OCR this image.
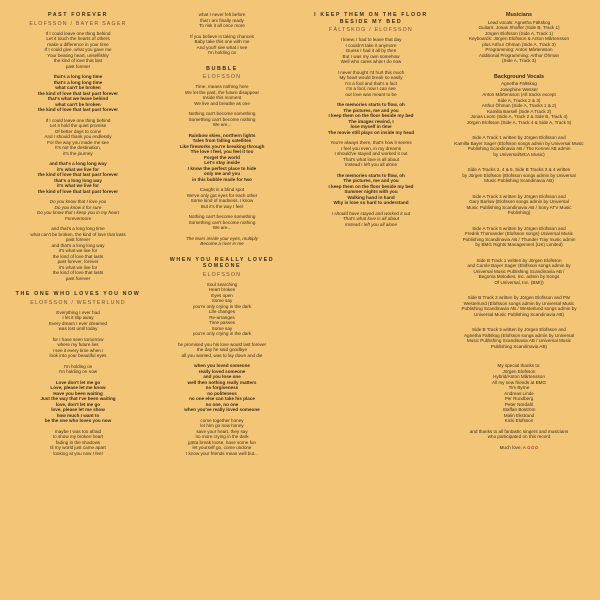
PAST FOREVER
ELOFSSON / BAYER SAGER
If I could leave one thing behind
Let it touch the hearts of others
make a difference in your time
If I could give, what you gave me
Your beating heart, unselfishly
the kind of love that last
past forever
that's a long long time
that's a long long time
what can't be broken
the kind of love that last past forever
that's what we leave behind
what can't be broken
the kind of love that last past forever
If I could leave one thing behind
Let it hold the quiet promise
Of better days to come
And I should thank you endlessly
For the way you made me see
It's not the destination,
it's the journey
and that's a long long way
it's what we live for
the kind of love that last past forever
that's a long long way
it's what we live for
the kind of love that last past forever
Do you know that I love you
Do you know it for sure
Do you know that I keep you in my heart
Forevermore
and that's a long long time
what can't be broken, the kind of love that lasts
past forever
and that's a long long way
it's what we live for
the kind of love that lasts
past forever, forever
it's what we live for
the kind of love that lasts
past forever
THE ONE WHO LOVES YOU NOW
ELOFSSON / WESTERLUND
Everything I ever had
I let it slip away
Every dream I ever dreamed
was lost until today
for I have seen tomorrow
where my future lies
I see it every time when I
look into your beautiful eyes
I'm holding on
I'm holding on now
Love don't let me go
Love, please let me know
Have you been waiting
Just the way that I've been waiting
love, don't let me go
love, please let me show
how much I want to
be the one who loves you now
maybe I was too afraid
to show my broken heart
fading in the shadows
til my world just came apart
looking at you now I feel
what I never felt before
that I am finally ready
To risk it all once more
If you believe in taking chances
Baby take this one with me
And you'll see what I see
I'm holding on
BUBBLE
ELOFSSON
Time, means nothing here
We let the past, the future disappear
Inside this moment
We live and breathe as one
Nothing can't become something
Something can't become nothing
We are...
Rainbow skies, northern lights
Tales from falling satellites
Like fireworks you're breaking through
The love I feel, you feel it too
Forget the world
Let's stay inside
I know the perfect place to hide
only me and you
in this bubble made for two
Caught in a blind spot
We've only got eyes for each other
Some kind of madness, I know
But it's the way I feel
Nothing can't become something
Something can't become nothing
We are...
The tears inside your eyes, multiply
Become a river in me
WHEN YOU REALLY LOVED SOMEONE
ELOFSSON
Soul searching
Heart broken
Eyes open
Some say
you're only crying in the dark
Life changes
Re-arranges
Time passes
Some say
you're only crying in the dark
he promised you his love would last forever
the day he said goodbye
all you wanted, was to lay down and die
when you loved someone
really loved someone
and you lose one
well then nothing really matters
no forgiveness
no politeness
no one else can take his place
no one, no one
when you've really loved someone
come together honey
let him go now honey
save your heart, they say
no more crying in the dark
gotta break loose, have some fun
let yourself go, come undone
I know your friends mean well but...
I KEEP THEM ON THE FLOOR BESIDE MY BED
FÄLTSKOG / ELOFSSON
I knew, I had to leave that day
I couldn't take it anymore
Guess I had it all by then
But I was my own somehow
Well who cares what I do now
I never thought I'd hurt this much
My heart would break so easily
I'm a fool and that's a fact
I'm a fool, now I can see
our love was meant to be
the memories starts to flow, oh
The pictures, me and you
I keep them on the floor beside my bed
The images rewind, I
lose myself in time
The movie still plays on inside my head
You're always there, that's how it seems
I feel you even, in my dreams
I should've stayed and worked it out
That's what love is all about
Instead I left you all alone
the memories starts to flow, oh
The pictures, me and you
I keep them on the floor beside my bed
Summer nights with you
Walking hand in hand
Why is love so hard to understand
I should have stayed and worked it out
That's what love is all about
Instead I left you all alone
Musicians
Lead vocals: Agnetha Fältskog
Guitars: Jonas Shaffer (Side B, Track 1)
Jörgen Elofsson (Side A, Track 1)
Keyboards: Jörgen Elofsson & Anton Mårtensson
plus Arthur Ohman (Side A, Track 3)
Programming: Anton Mårtensson
Additional Programming: Arthur Öhman
(Side A, Track 3)
Background Vocals
Agnetha Fältskog
Josephine Wesser
Anton Mårtensson (All tracks except
Side A, Tracks 2 & 3)
Arthur Öhman (Side A, Tracks 1 & 2)
Kamilla Barsell (Side A Track 3)
Jonas Leom (Side A, Track 2 & Side B, Track 4)
Jörgen Elofsson (Side A, Track 4 & Side A, Track 5)
Side A Track 1 written by Jörgen Elofsson and
Kamilla Bayer Sager (Elofsson songs admin by Universal Music
Publishing Scandinavia AB / The Kennel AB admin
by Universal/MCA Music)
Side A Tracks 2, 4 & 5, Side B Tracks 3 & 4 written
by Jörgen Elofsson (Elofsson songs admin by Universal
Music Publishing Scandinavia AB)
Side A Track 3 written by Jörgen Elofsson and
Gary Barlow (Elofsson songs admin by Universal
Music Publishing Scandinavia AB / Sony ATV Music
Publishing)
Side A Track 6 written by Jörgen Elofsson and
Fredrik Thomander (Elofsson songs) Universal Music
Publishing Scandinavia AB / Thunder Tray music admin
by BMG Rights Management (UK) Limited)
Side B Track 1 written by Jörgen Elofsson
and Carole Bayer Sager (Elofsson songs admin by
Universal Music Publishing Scandinavia AB /
Begonia Melodies, Inc. admin by Songs
Of Universal, Inc. (BMI))
Side B Track 2 written by Jörgen Elofsson and Pär
Westerlund (Elofsson songs admin by Universal Music
Publishing Scandinavia AB / Westerlund songs admin by
Universal Music Publishing Scandinavia AB)
Side B Track 5 written by Jörgen Elofsson and
Agnetha Fältskog (Elofsson songs admin by Universal
Music Publishing Scandinavia AB / Universal Music
Publishing Scandinavia AB)
My special thanks to:
Jörgen Elofsson
Hybrid/Anton Mårtensson
All my new friends at BMG
Tim Byrne
Andreas Linde
Per Rundberg
Peter Nordahl
Staffan Boström
Malin Ekstrand
Kicki Elofsson
and thanks to all fantastic singers and musicians
who participated on this record
Much love, A ✿✿✿
